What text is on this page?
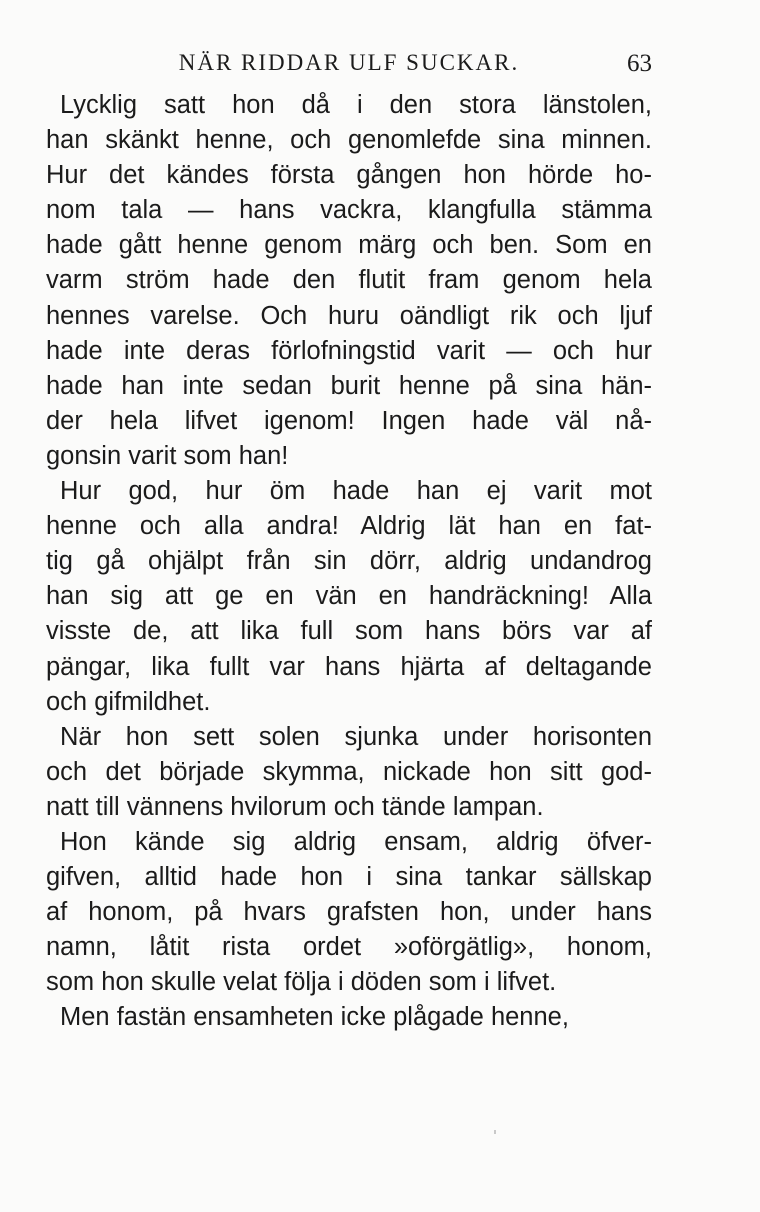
NÄR RIDDAR ULF SUCKAR.	63
Lycklig satt hon då i den stora länstolen,
han skänkt henne, och genomlefde sina minnen.
Hur det kändes första gången hon hörde ho-
nom tala — hans vackra, klangfulla stämma
hade gått henne genom märg och ben. Som en
varm ström hade den flutit fram genom hela
hennes varelse. Och huru oändligt rik och ljuf
hade inte deras förlofningstid varit — och hur
hade han inte sedan burit henne på sina hän-
der hela lifvet igenom! Ingen hade väl nå-
gonsin varit som han!
Hur god, hur öm hade han ej varit mot
henne och alla andra! Aldrig lät han en fat-
tig gå ohjälpt från sin dörr, aldrig undandrog
han sig att ge en vän en handräckning! Alla
visste de, att lika full som hans börs var af
pängar, lika fullt var hans hjärta af deltagande
och gifmildhet.
När hon sett solen sjunka under horisonten
och det började skymma, nickade hon sitt god-
natt till vännens hvilorum och tände lampan.
Hon kände sig aldrig ensam, aldrig öfver-
gifven, alltid hade hon i sina tankar sällskap
af honom, på hvars grafsten hon, under hans
namn, låtit rista ordet »oförgätlig», honom,
som hon skulle velat följa i döden som i lifvet.
Men fastän ensamheten icke plågade henne,
